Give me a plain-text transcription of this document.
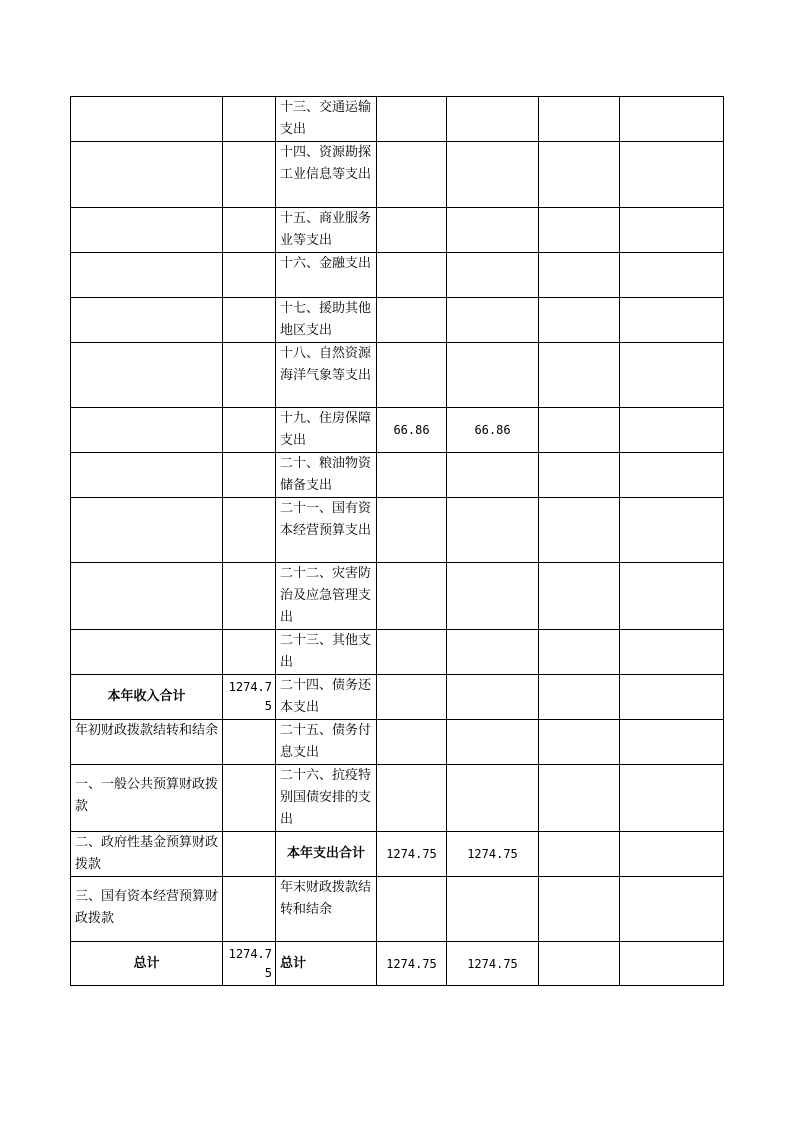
		十三、交通运输支出				
		十四、资源勘探工业信息等支出				
		十五、商业服务业等支出				
		十六、金融支出				
		十七、援助其他地区支出				
		十八、自然资源海洋气象等支出				
		十九、住房保障支出	66.86	66.86		
		二十、粮油物资储备支出				
		二十一、国有资本经营预算支出				
		二十二、灾害防治及应急管理支出				
		二十三、其他支出				
本年收入合计	1274.75	二十四、债务还本支出				
年初财政拨款结转和结余		二十五、债务付息支出				
一、一般公共预算财政拨款		二十六、抗疫特别国债安排的支出				
二、政府性基金预算财政拨款		本年支出合计	1274.75	1274.75		
三、国有资本经营预算财政拨款		年末财政拨款结转和结余				
总计	1274.75	总计	1274.75	1274.75		
